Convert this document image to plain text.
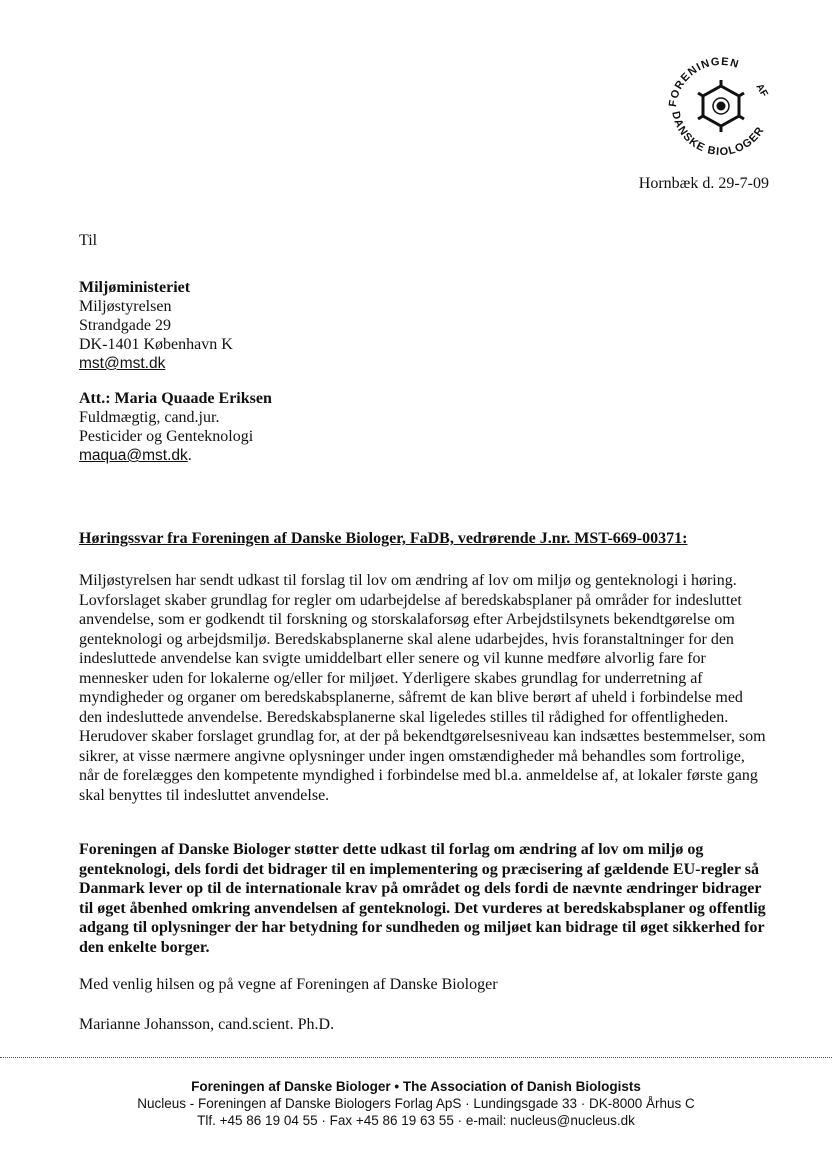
FORENINGEN
AF
DANSKE BIOLOGER
Hornbæk d. 29-7-09
Til
Miljøministeriet
Miljøstyrelsen
Strandgade 29
DK-1401 København K
mst@mst.dk
Att.: Maria Quaade Eriksen
Fuldmægtig, cand.jur.
Pesticider og Genteknologi
maqua@mst.dk.
Høringssvar fra Foreningen af Danske Biologer, FaDB, vedrørende J.nr. MST-669-00371:
Miljøstyrelsen har sendt udkast til forslag til lov om ændring af lov om miljø og genteknologi i høring. Lovforslaget skaber grundlag for regler om udarbejdelse af beredskabsplaner på områder for indesluttet anvendelse, som er godkendt til forskning og storskalaforsøg efter Arbejdstilsynets bekendtgørelse om genteknologi og arbejdsmiljø. Beredskabsplanerne skal alene udarbejdes, hvis foranstaltninger for den indesluttede anvendelse kan svigte umiddelbart eller senere og vil kunne medføre alvorlig fare for mennesker uden for lokalerne og/eller for miljøet. Yderligere skabes grundlag for underretning af myndigheder og organer om beredskabsplanerne, såfremt de kan blive berørt af uheld i forbindelse med den indesluttede anvendelse. Beredskabsplanerne skal ligeledes stilles til rådighed for offentligheden. Herudover skaber forslaget grundlag for, at der på bekendtgørelsesniveau kan indsættes bestemmelser, som sikrer, at visse nærmere angivne oplysninger under ingen omstændigheder må behandles som fortrolige, når de forelægges den kompetente myndighed i forbindelse med bl.a. anmeldelse af, at lokaler første gang skal benyttes til indesluttet anvendelse.
Foreningen af Danske Biologer støtter dette udkast til forlag om ændring af lov om miljø og genteknologi, dels fordi det bidrager til en implementering og præcisering af gældende EU-regler så Danmark lever op til de internationale krav på området og dels fordi de nævnte ændringer bidrager til øget åbenhed omkring anvendelsen af genteknologi. Det vurderes at beredskabsplaner og offentlig adgang til oplysninger der har betydning for sundheden og miljøet kan bidrage til øget sikkerhed for den enkelte borger.
Med venlig hilsen og på vegne af Foreningen af Danske Biologer
Marianne Johansson, cand.scient. Ph.D.
Foreningen af Danske Biologer • The Association of Danish Biologists
Nucleus - Foreningen af Danske Biologers Forlag ApS · Lundingsgade 33 · DK-8000 Århus C
Tlf. +45 86 19 04 55 · Fax +45 86 19 63 55 · e-mail: nucleus@nucleus.dk
